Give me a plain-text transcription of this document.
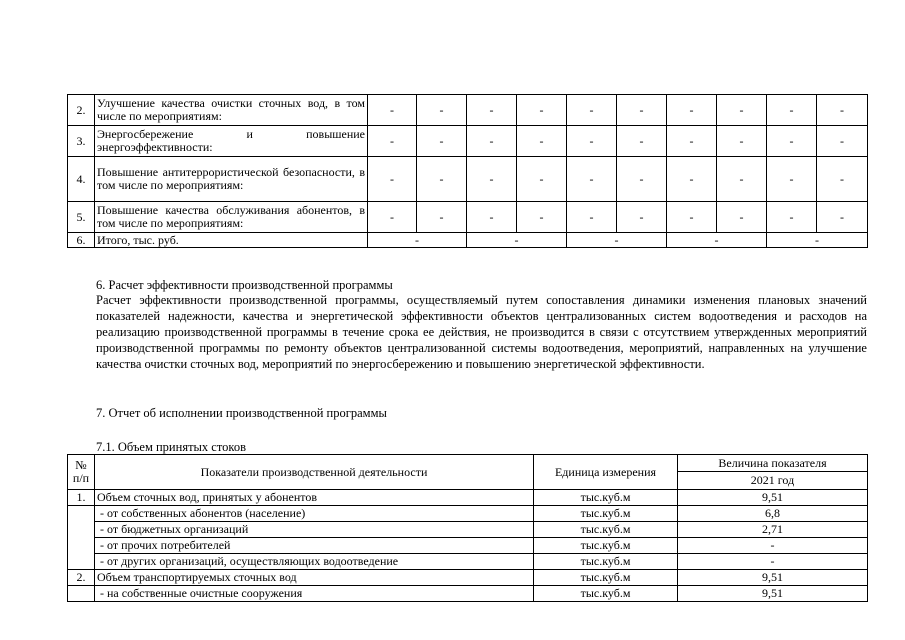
2.	Улучшение качества очистки сточных вод, в том числе по мероприятиям:	-	-	-	-	-	-	-	-	-	-
3.	Энергосбережение и повышение энергоэффективности:	-	-	-	-	-	-	-	-	-	-
4.	Повышение антитеррористической безопасности, в том числе по мероприятиям:	-	-	-	-	-	-	-	-	-	-
5.	Повышение качества обслуживания абонентов, в том числе по мероприятиям:	-	-	-	-	-	-	-	-	-	-
6.	Итого, тыс. руб.	-		-		-		-		-	
6. Расчет эффективности производственной программы
Расчет эффективности производственной программы, осуществляемый путем сопоставления динамики изменения плановых значений показателей надежности, качества и энергетической эффективности объектов централизованных систем водоотведения и расходов на реализацию производственной программы в течение срока ее действия, не производится в связи с отсутствием утвержденных мероприятий производственной программы по ремонту объектов централизованной системы водоотведения, мероприятий, направленных на улучшение качества очистки сточных вод, мероприятий по энергосбережению и повышению энергетической эффективности.
7. Отчет об исполнении производственной программы
7.1. Объем принятых стоков
№ п/п	Показатели производственной деятельности	Единица измерения	Величина показателя
			2021 год
1.	Объем сточных вод, принятых у абонентов	тыс.куб.м	9,51
	- от собственных абонентов (население)	тыс.куб.м	6,8
	- от бюджетных организаций	тыс.куб.м	2,71
	- от прочих потребителей	тыс.куб.м	-
	- от других организаций, осуществляющих водоотведение	тыс.куб.м	-
2.	Объем транспортируемых сточных вод	тыс.куб.м	9,51
	- на собственные очистные сооружения	тыс.куб.м	9,51
